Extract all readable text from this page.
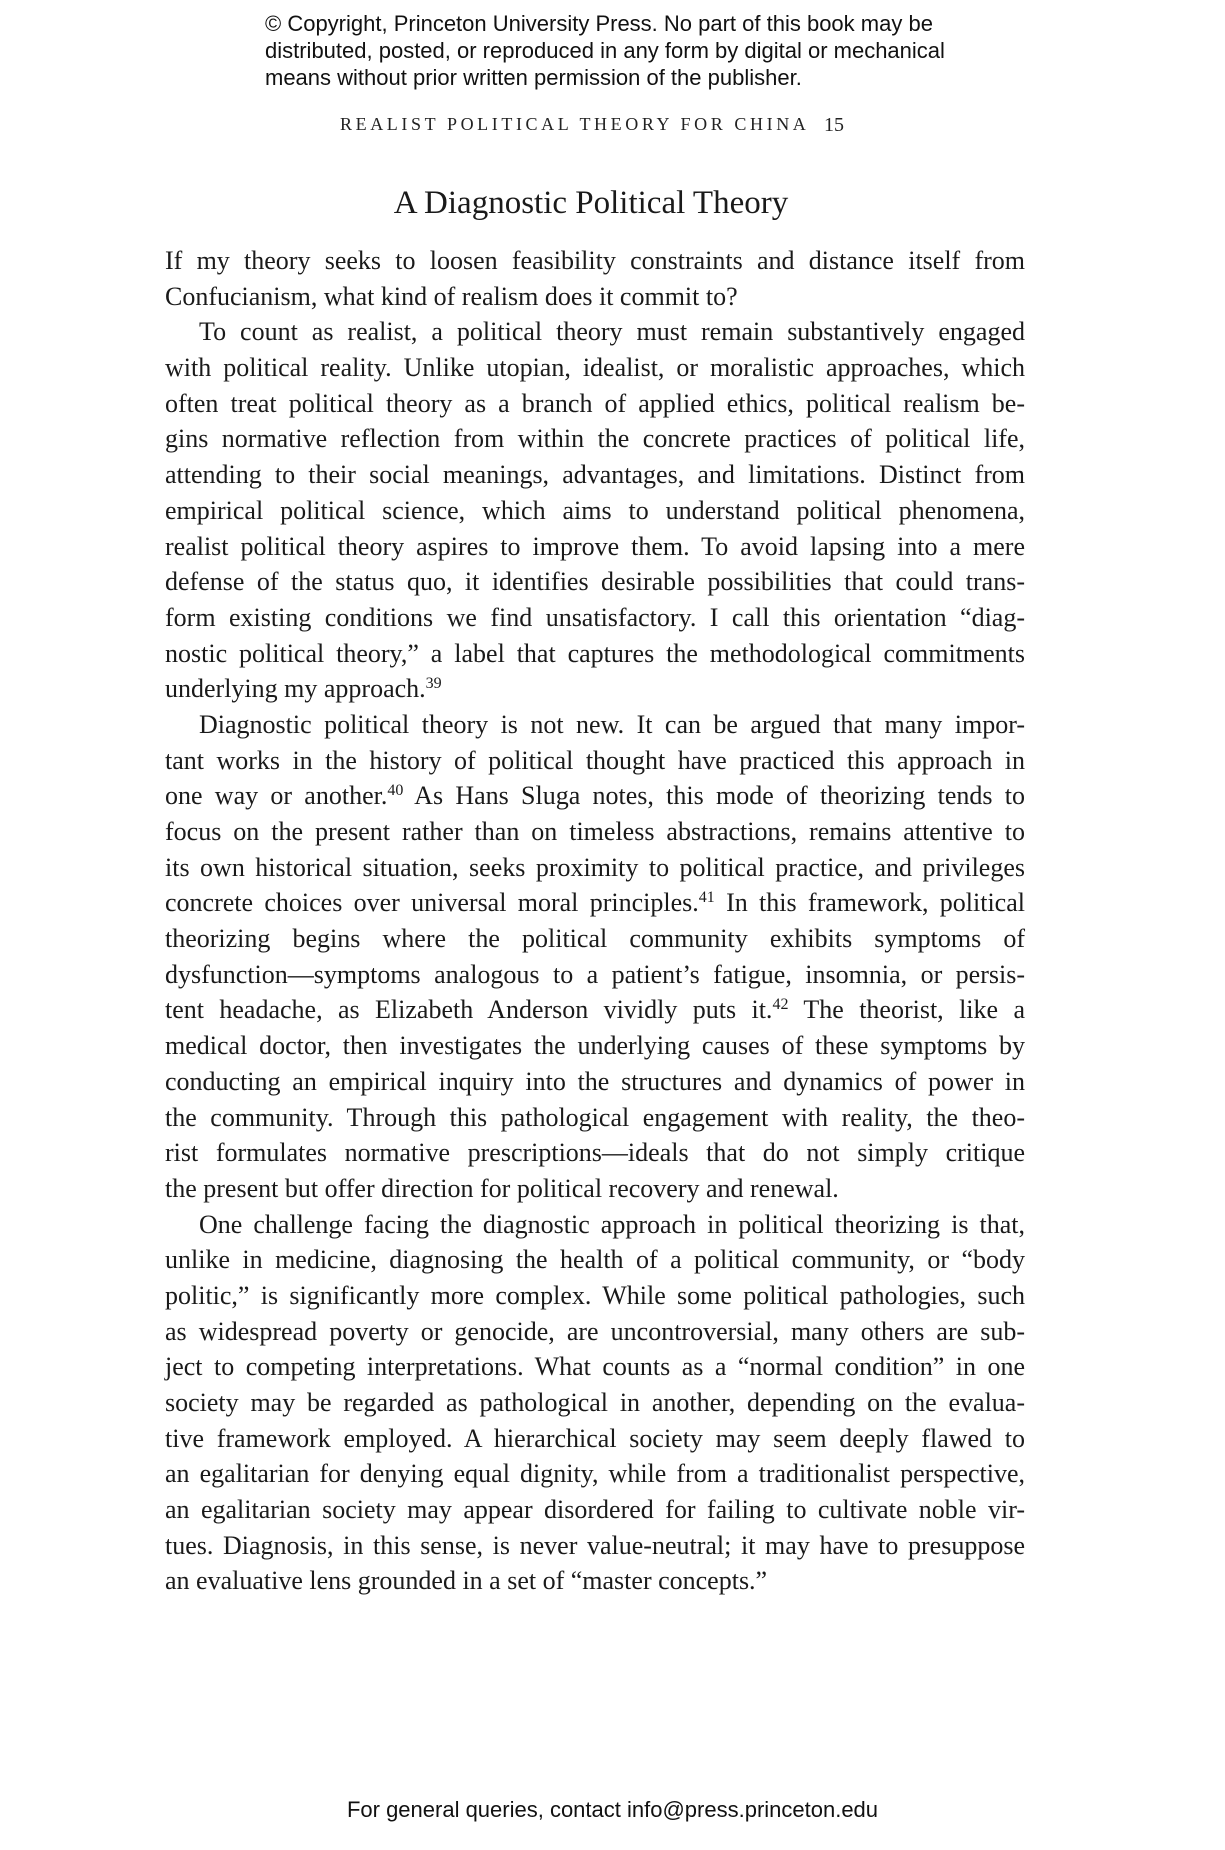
© Copyright, Princeton University Press. No part of this book may be
distributed, posted, or reproduced in any form by digital or mechanical
means without prior written permission of the publisher.
REALIST POLITICAL THEORY FOR CHINA 15
A Diagnostic Political Theory
If my theory seeks to loosen feasibility constraints and distance itself from
Confucianism, what kind of realism does it commit to?
To count as realist, a political theory must remain substantively engaged
with political reality. Unlike utopian, idealist, or moralistic approaches, which
often treat political theory as a branch of applied ethics, political realism be-
gins normative reflection from within the concrete practices of political life,
attending to their social meanings, advantages, and limitations. Distinct from
empirical political science, which aims to understand political phenomena,
realist political theory aspires to improve them. To avoid lapsing into a mere
defense of the status quo, it identifies desirable possibilities that could trans-
form existing conditions we find unsatisfactory. I call this orientation “diag-
nostic political theory,” a label that captures the methodological commitments
underlying my approach.$^{39}$
Diagnostic political theory is not new. It can be argued that many impor-
tant works in the history of political thought have practiced this approach in
one way or another.$^{40}$ As Hans Sluga notes, this mode of theorizing tends to
focus on the present rather than on timeless abstractions, remains attentive to
its own historical situation, seeks proximity to political practice, and privileges
concrete choices over universal moral principles.$^{41}$ In this framework, political
theorizing begins where the political community exhibits symptoms of
dysfunction—symptoms analogous to a patient’s fatigue, insomnia, or persis-
tent headache, as Elizabeth Anderson vividly puts it.$^{42}$ The theorist, like a
medical doctor, then investigates the underlying causes of these symptoms by
conducting an empirical inquiry into the structures and dynamics of power in
the community. Through this pathological engagement with reality, the theo-
rist formulates normative prescriptions—ideals that do not simply critique
the present but offer direction for political recovery and renewal.
One challenge facing the diagnostic approach in political theorizing is that,
unlike in medicine, diagnosing the health of a political community, or “body
politic,” is significantly more complex. While some political pathologies, such
as widespread poverty or genocide, are uncontroversial, many others are sub-
ject to competing interpretations. What counts as a “normal condition” in one
society may be regarded as pathological in another, depending on the evalua-
tive framework employed. A hierarchical society may seem deeply flawed to
an egalitarian for denying equal dignity, while from a traditionalist perspective,
an egalitarian society may appear disordered for failing to cultivate noble vir-
tues. Diagnosis, in this sense, is never value-neutral; it may have to presuppose
an evaluative lens grounded in a set of “master concepts.”
For general queries, contact info@press.princeton.edu
